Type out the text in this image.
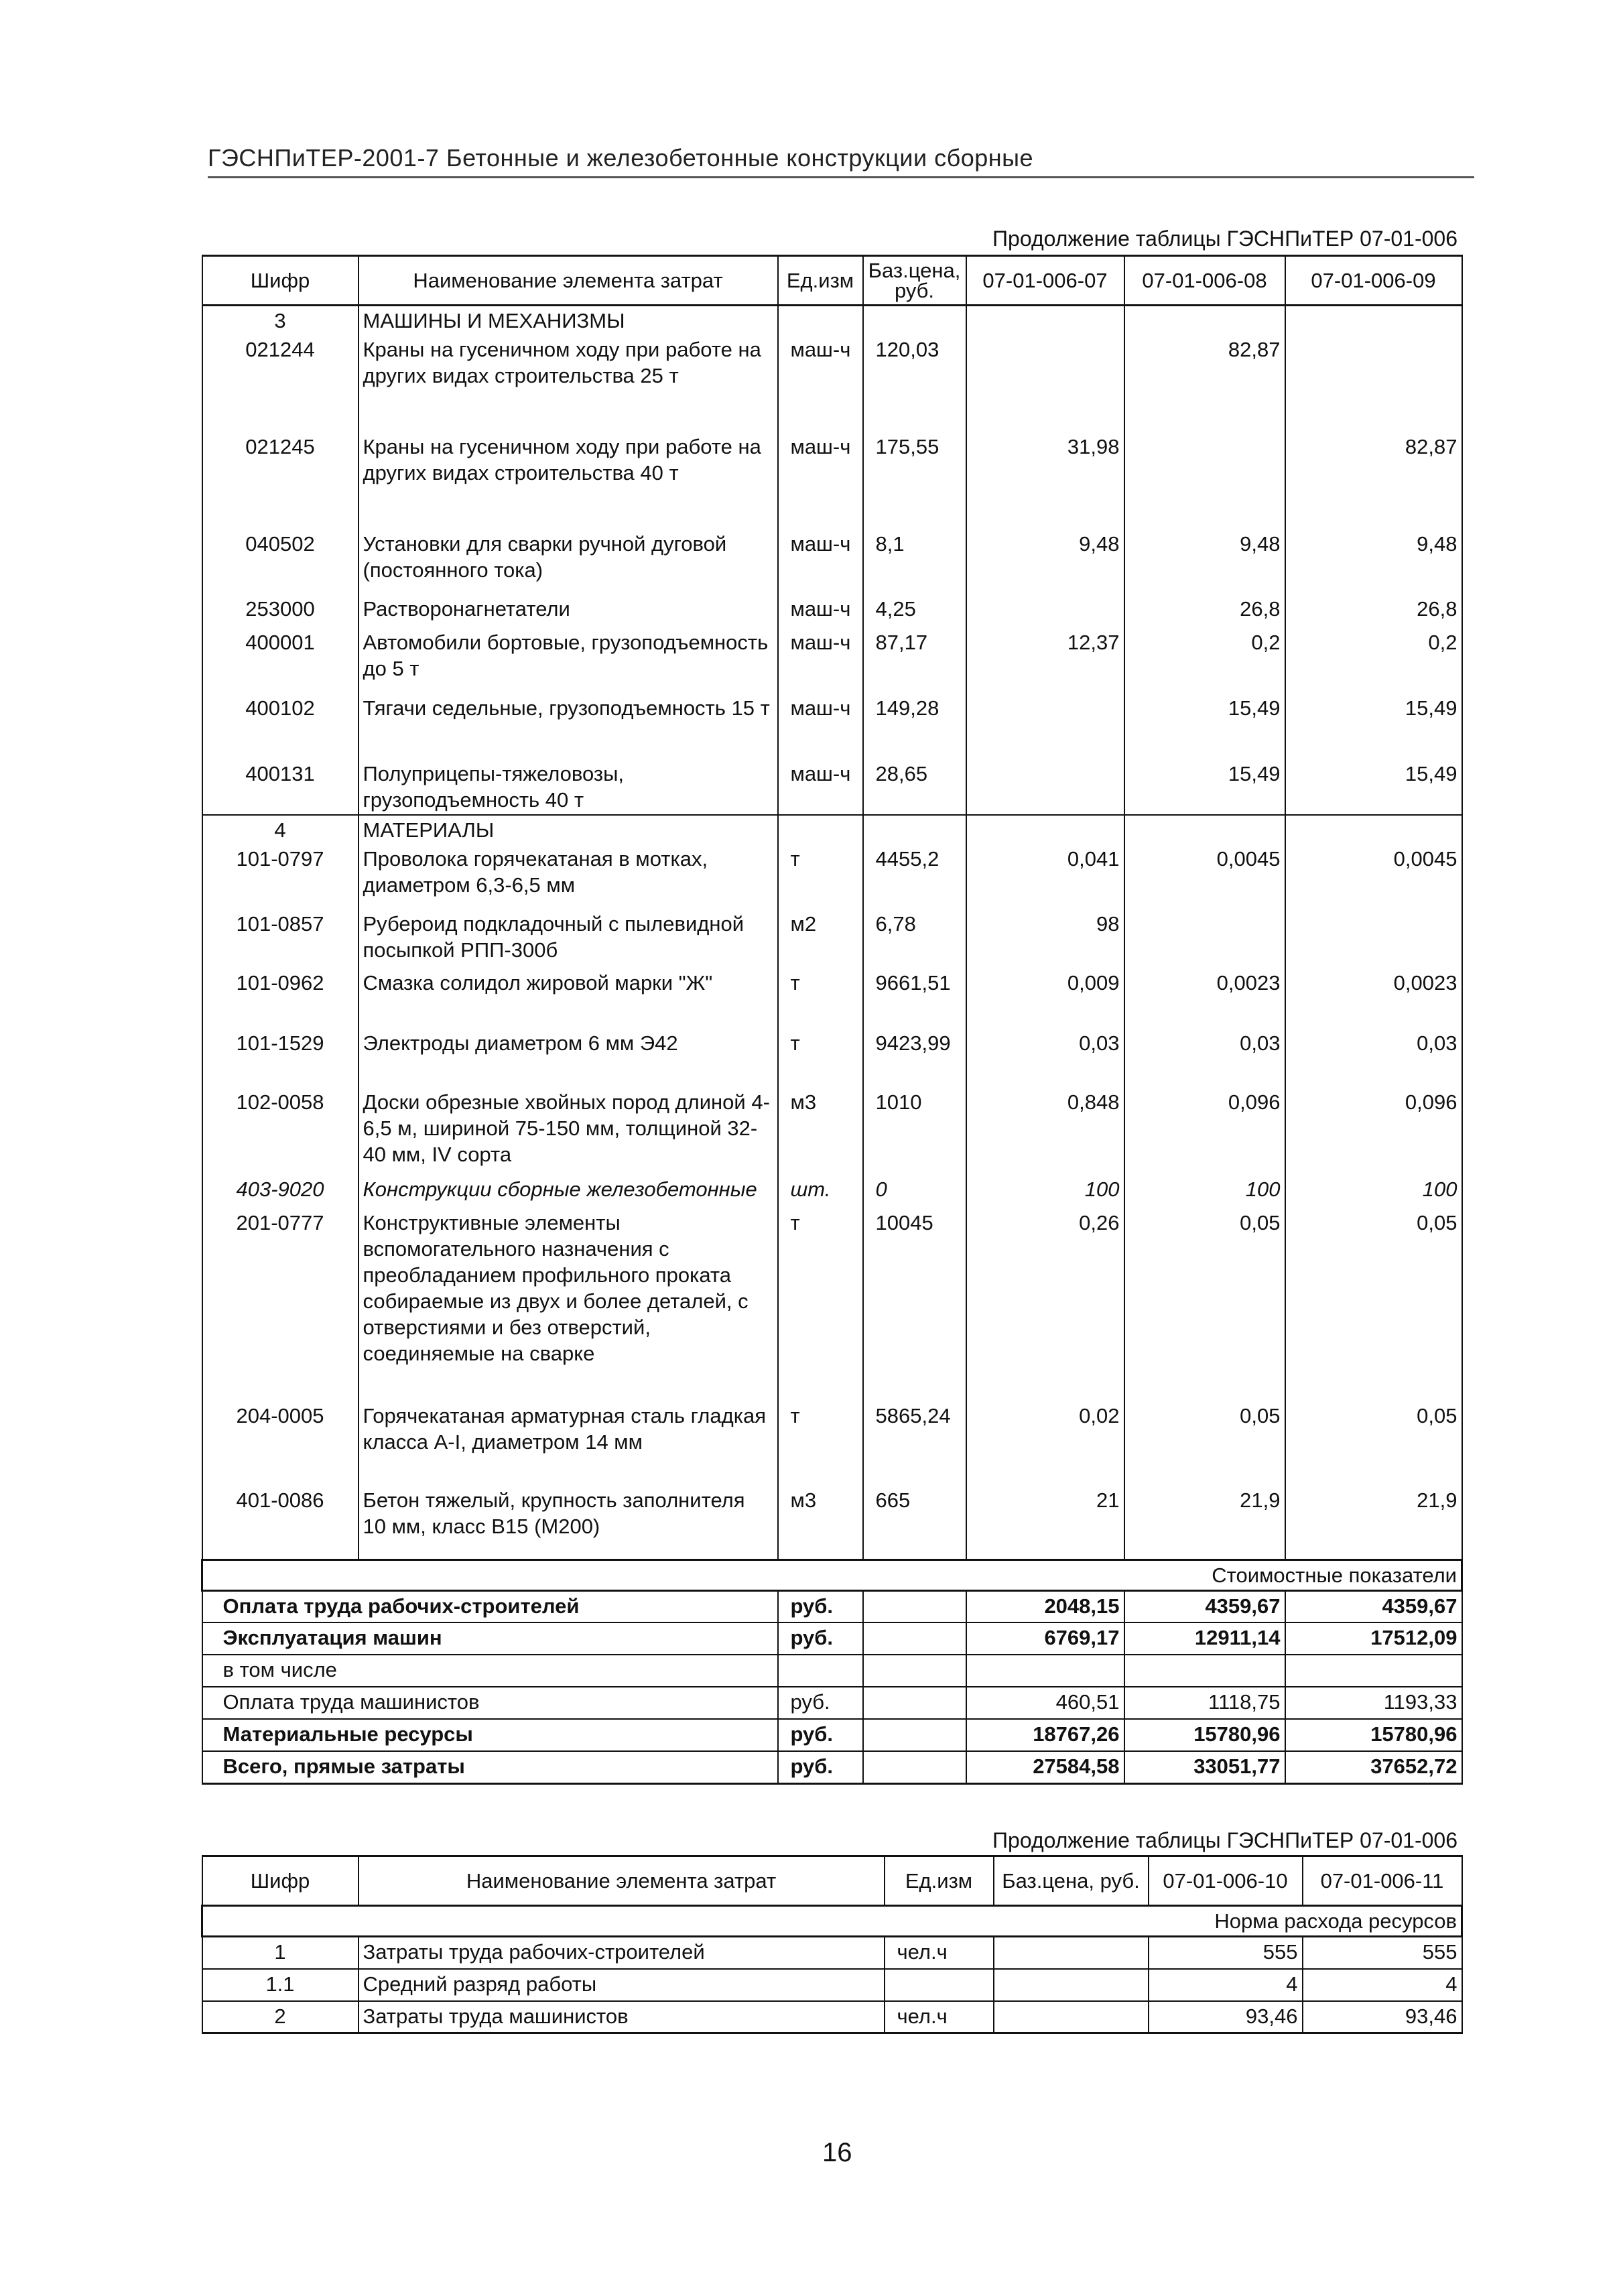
ГЭСНПиТЕР-2001-7 Бетонные и железобетонные конструкции сборные
Продолжение таблицы ГЭСНПиТЕР 07-01-006
Шифр	Наименование элемента затрат	Ед.изм	Баз.цена, руб.	07-01-006-07	07-01-006-08	07-01-006-09
3	МАШИНЫ И МЕХАНИЗМЫ					
021244	Краны на гусеничном ходу при работе на других видах строительства 25 т	маш-ч	120,03		82,87	
021245	Краны на гусеничном ходу при работе на других видах строительства 40 т	маш-ч	175,55	31,98		82,87
040502	Установки для сварки ручной дуговой (постоянного тока)	маш-ч	8,1	9,48	9,48	9,48
253000	Растворонагнетатели	маш-ч	4,25		26,8	26,8
400001	Автомобили бортовые, грузоподъемность до 5 т	маш-ч	87,17	12,37	0,2	0,2
400102	Тягачи седельные, грузоподъемность 15 т	маш-ч	149,28		15,49	15,49
400131	Полуприцепы-тяжеловозы, грузоподъемность 40 т	маш-ч	28,65		15,49	15,49
4	МАТЕРИАЛЫ					
101-0797	Проволока горячекатаная в мотках, диаметром 6,3-6,5 мм	т	4455,2	0,041	0,0045	0,0045
101-0857	Рубероид подкладочный с пылевидной посыпкой РПП-300б	м2	6,78	98		
101-0962	Смазка солидол жировой марки "Ж"	т	9661,51	0,009	0,0023	0,0023
101-1529	Электроды диаметром 6 мм Э42	т	9423,99	0,03	0,03	0,03
102-0058	Доски обрезные хвойных пород длиной 4-6,5 м, шириной 75-150 мм, толщиной 32-40 мм, IV сорта	м3	1010	0,848	0,096	0,096
403-9020	Конструкции сборные железобетонные	шт.	0	100	100	100
201-0777	Конструктивные элементы вспомогательного назначения с преобладанием профильного проката собираемые из двух и более деталей, с отверстиями и без отверстий, соединяемые на сварке	т	10045	0,26	0,05	0,05
204-0005	Горячекатаная арматурная сталь гладкая класса А-I, диаметром 14 мм	т	5865,24	0,02	0,05	0,05
401-0086	Бетон тяжелый, крупность заполнителя 10 мм, класс В15 (М200)	м3	665	21	21,9	21,9
Стоимостные показатели						
Оплата труда рабочих-строителей		руб.		2048,15	4359,67	4359,67
Эксплуатация машин		руб.		6769,17	12911,14	17512,09
в том числе						
Оплата труда машинистов		руб.		460,51	1118,75	1193,33
Материальные ресурсы		руб.		18767,26	15780,96	15780,96
Всего, прямые затраты		руб.		27584,58	33051,77	37652,72
Продолжение таблицы ГЭСНПиТЕР 07-01-006
Шифр	Наименование элемента затрат	Ед.изм	Баз.цена, руб.	07-01-006-10	07-01-006-11
Норма расхода ресурсов					
1	Затраты труда рабочих-строителей	чел.ч		555	555
1.1	Средний разряд работы			4	4
2	Затраты труда машинистов	чел.ч		93,46	93,46
16
